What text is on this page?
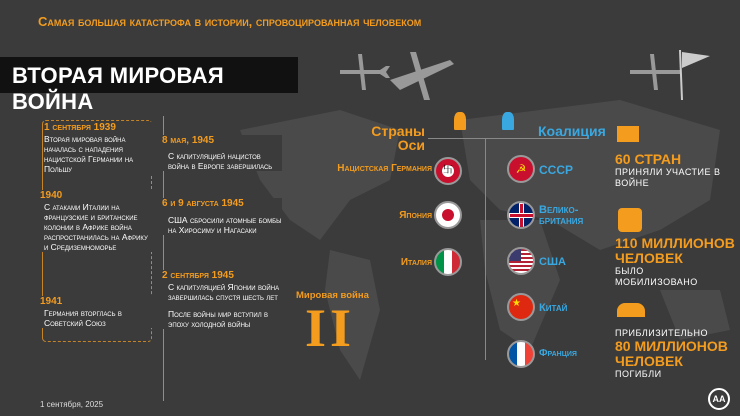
Самая большая катастрофа в истории, спровоцированная человеком
ВТОРАЯ МИРОВАЯ ВОЙНА
1 сентября 1939
Вторая мировая война началась с нападения нацистской Германии на Польшу
1940
С атаками Италии на французские и британские колонии в Африке война распространилась на Африку и Средиземноморье
1941
Германия вторглась в Советский Союз
8 мая, 1945
С капитуляцией нацистов война в Европе завершилась
6 и 9 августа 1945
США сбросили атомные бомбы на Хиросиму и Нагасаки
2 сентября 1945
С капитуляцией Японии война завершилась спустя шесть лет
После войны мир вступил в эпоху холодной войны
Страны
Оси
Коалиция
Нацистская Германия
Япония
Италия
卐	☭
★
СССР
Велико-британия
США
Китай
Франция
Мировая война
II
60 СТРАН
ПРИНЯЛИ УЧАСТИЕ В ВОЙНЕ
110 МИЛЛИОНОВ ЧЕЛОВЕК
БЫЛО МОБИЛИЗОВАНО
ПРИБЛИЗИТЕЛЬНО
80 МИЛЛИОНОВ ЧЕЛОВЕК
ПОГИБЛИ
1 сентября, 2025
AA
